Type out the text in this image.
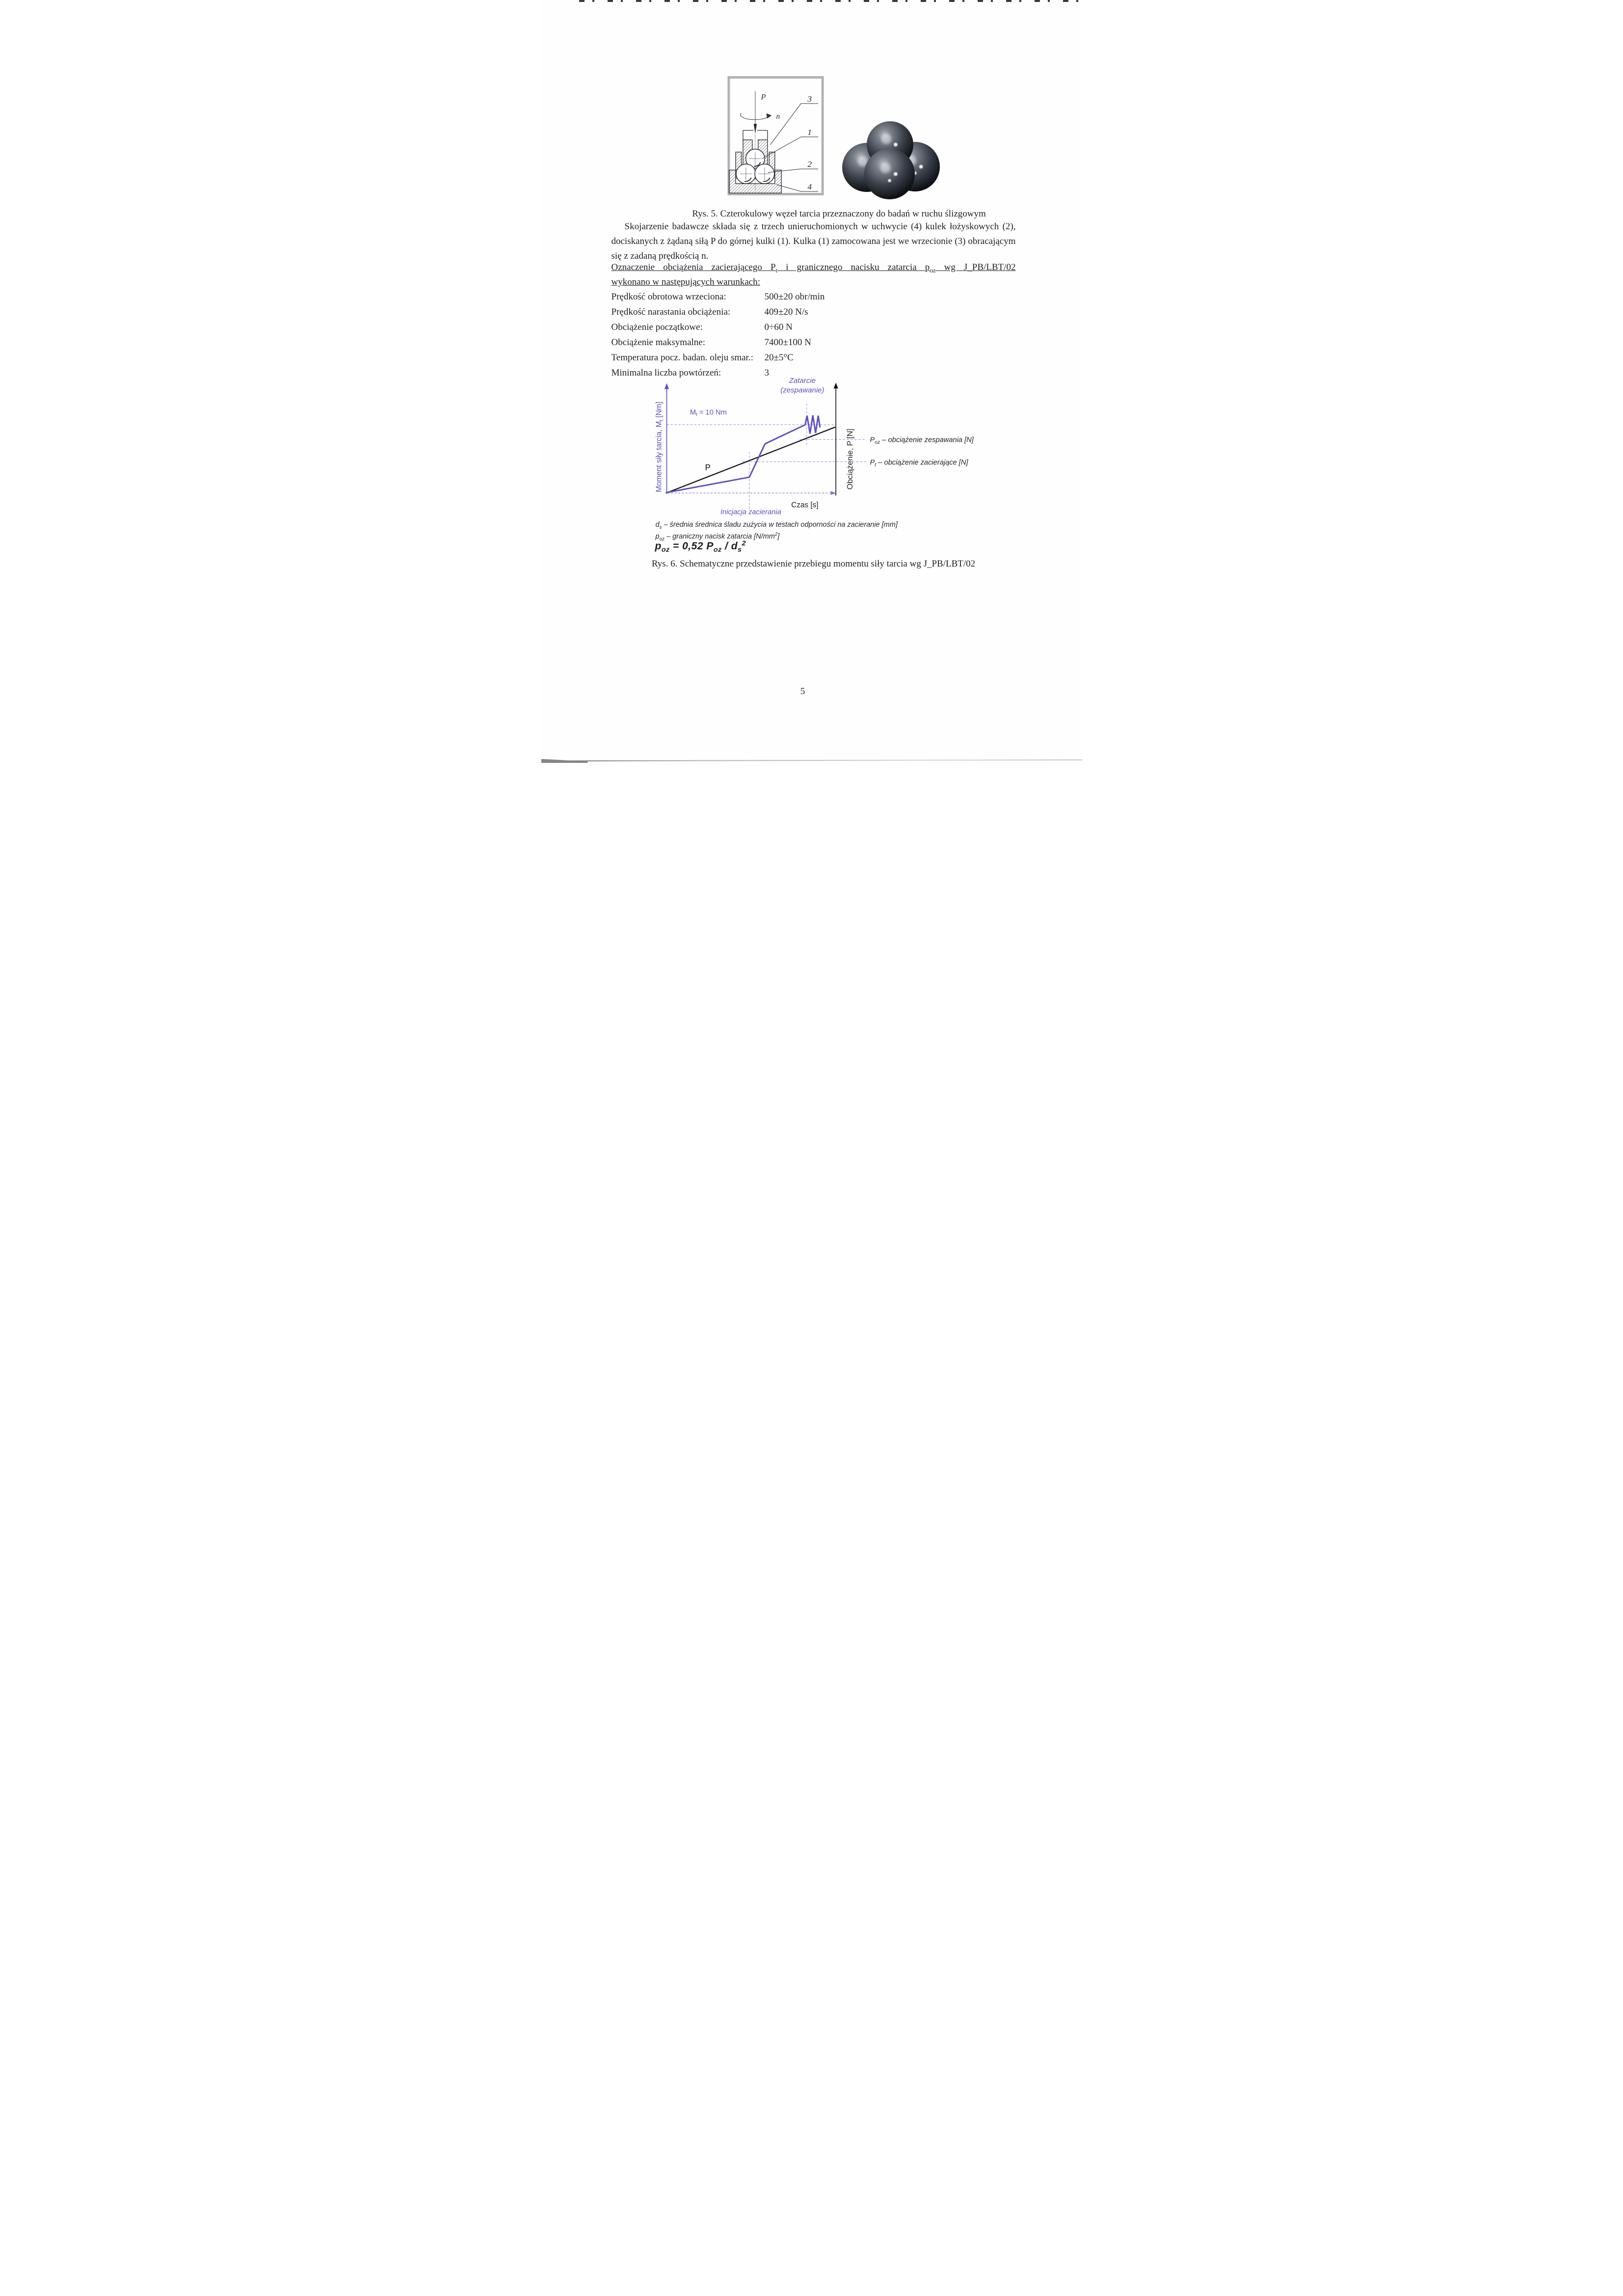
P
n
3
1
2
4
Rys. 5. Czterokulowy węzeł tarcia przeznaczony do badań w ruchu ślizgowym
Skojarzenie badawcze składa się z trzech unieruchomionych w uchwycie (4) kulek łożyskowych (2), dociskanych z żądaną siłą P do górnej kulki (1). Kulka (1) zamocowana jest we wrzecionie (3) obracającym się z zadaną prędkością n.
Oznaczenie obciążenia zacierającego $P_t$ i granicznego nacisku zatarcia $p_{oz}$ wg J_PB/LBT/02
wykonano w następujących warunkach:
Prędkość obrotowa wrzeciona:	500±20 obr/min
Prędkość narastania obciążenia:	409±20 N/s
Obciążenie początkowe:	0÷60 N
Obciążenie maksymalne:	7400±100 N
Temperatura pocz. badan. oleju smar.:	20±5°C
Minimalna liczba powtórzeń:	3
Moment siły tarcia, $M_t$ [Nm]
Obciążenie, P [N]
Czas [s]
$M_t = 10$ Nm
Zatarcie
(zespawanie)
P
Inicjacja zacierania
$P_{oz}$ – obciążenie zespawania [N]
$P_t$ – obciążenie zacierające [N]
$d_s$ – średnia średnica śladu zużycia w testach odporności na zacieranie [mm]
$p_{oz}$ – graniczny nacisk zatarcia $[N/mm^2]$
$p_{oz} = 0,52$ $P_{oz} / d_s^2$
Rys. 6. Schematyczne przedstawienie przebiegu momentu siły tarcia wg J_PB/LBT/02
5
